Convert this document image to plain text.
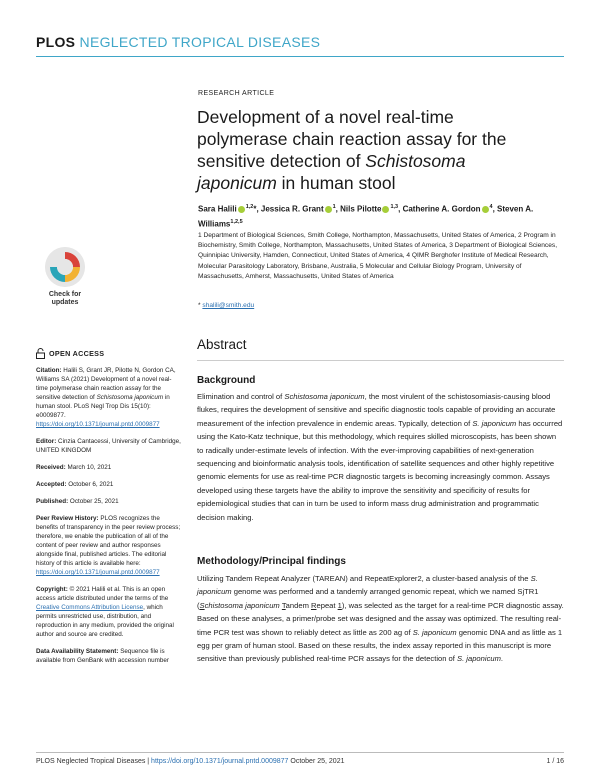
PLOS NEGLECTED TROPICAL DISEASES
Check for
updates
RESEARCH ARTICLE
Development of a novel real-time polymerase chain reaction assay for the sensitive detection of Schistosoma japonicum in human stool
Sara Halili $^{1,2}$*, Jessica R. Grant $^1$, Nils Pilotte $^{1,3}$, Catherine A. Gordon $^4$, Steven A. Williams$^{1,2,5}$
1 Department of Biological Sciences, Smith College, Northampton, Massachusetts, United States of America, 2 Program in Biochemistry, Smith College, Northampton, Massachusetts, United States of America, 3 Department of Biological Sciences, Quinnipiac University, Hamden, Connecticut, United States of America, 4 QIMR Berghofer Institute of Medical Research, Molecular Parasitology Laboratory, Brisbane, Australia, 5 Molecular and Cellular Biology Program, University of Massachusetts, Amherst, Massachusetts, United States of America
* shalili@smith.edu
OPEN ACCESS

Citation: Halili S, Grant JR, Pilotte N, Gordon CA, Williams SA (2021) Development of a novel real-time polymerase chain reaction assay for the sensitive detection of Schistosoma japonicum in human stool. PLoS Negl Trop Dis 15(10): e0009877. https://doi.org/10.1371/journal.pntd.0009877

Editor: Cinzia Cantacessi, University of Cambridge, UNITED KINGDOM

Received: March 10, 2021

Accepted: October 6, 2021

Published: October 25, 2021

Peer Review History: PLOS recognizes the benefits of transparency in the peer review process; therefore, we enable the publication of all of the content of peer review and author responses alongside final, published articles. The editorial history of this article is available here: https://doi.org/10.1371/journal.pntd.0009877

Copyright: © 2021 Halili et al. This is an open access article distributed under the terms of the Creative Commons Attribution License, which permits unrestricted use, distribution, and reproduction in any medium, provided the original author and source are credited.

Data Availability Statement: Sequence file is available from GenBank with accession number

Abstract
Background
Elimination and control of Schistosoma japonicum, the most virulent of the schistosomiasis-causing blood flukes, requires the development of sensitive and specific diagnostic tools capable of providing an accurate measurement of the infection prevalence in endemic areas. Typically, detection of S. japonicum has occurred using the Kato-Katz technique, but this methodology, which requires skilled microscopists, has been shown to radically under-estimate levels of infection. With the ever-improving capabilities of next-generation sequencing and bioinformatic analysis tools, identification of satellite sequences and other highly repetitive genomic elements for use as real-time PCR diagnostic targets is becoming increasingly common. Assays developed using these targets have the ability to improve the sensitivity and specificity of results for epidemiological studies that can in turn be used to inform mass drug administration and programmatic decision making.
Methodology/Principal findings
Utilizing Tandem Repeat Analyzer (TAREAN) and RepeatExplorer2, a cluster-based analysis of the S. japonicum genome was performed and a tandemly arranged genomic repeat, which we named SjTR1 (Schistosoma japonicum Tandem Repeat 1), was selected as the target for a real-time PCR diagnostic assay. Based on these analyses, a primer/probe set was designed and the assay was optimized. The resulting real-time PCR test was shown to reliably detect as little as 200 ag of S. japonicum genomic DNA and as little as 1 egg per gram of human stool. Based on these results, the index assay reported in this manuscript is more sensitive than previously published real-time PCR assays for the detection of S. japonicum.
PLOS Neglected Tropical Diseases | https://doi.org/10.1371/journal.pntd.0009877 October 25, 2021	1 / 16
